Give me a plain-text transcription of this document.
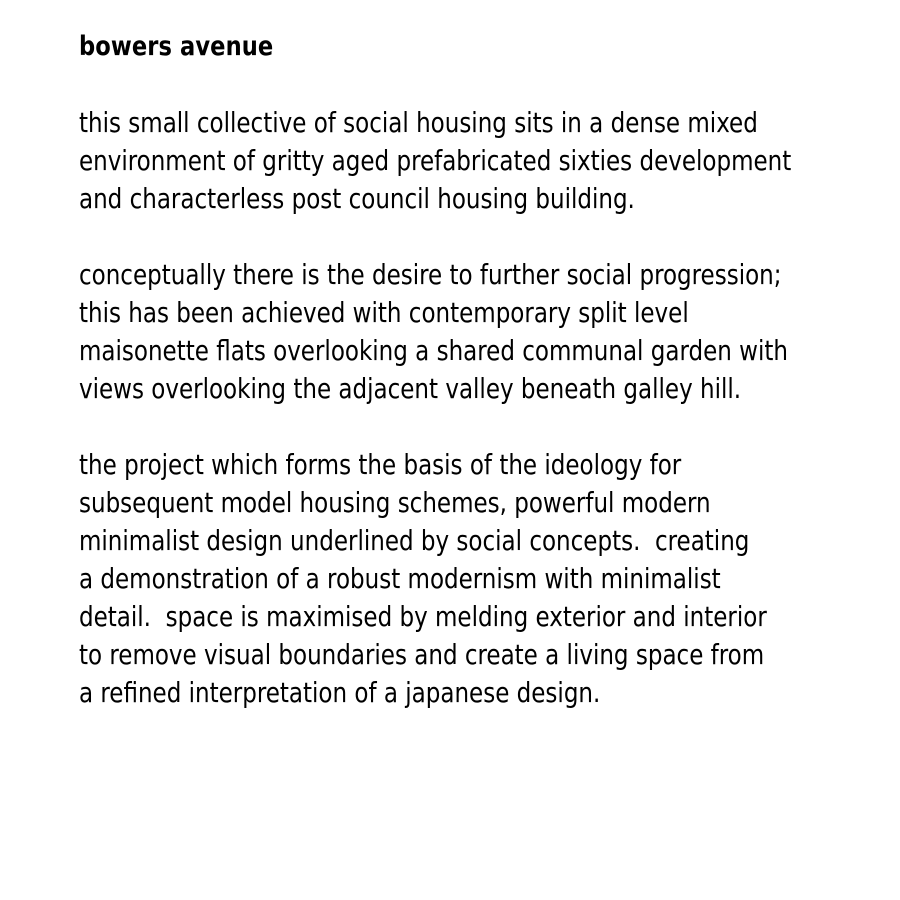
bowers avenue

this small collective of social housing sits in a dense mixed
environment of gritty aged prefabricated sixties development
and characterless post council housing building.

conceptually there is the desire to further social progression;
this has been achieved with contemporary split level
maisonette flats overlooking a shared communal garden with
views overlooking the adjacent valley beneath galley hill.

the project which forms the basis of the ideology for
subsequent model housing schemes, powerful modern
minimalist design underlined by social concepts.  creating
a demonstration of a robust modernism with minimalist
detail.  space is maximised by melding exterior and interior
to remove visual boundaries and create a living space from
a refined interpretation of a japanese design.
